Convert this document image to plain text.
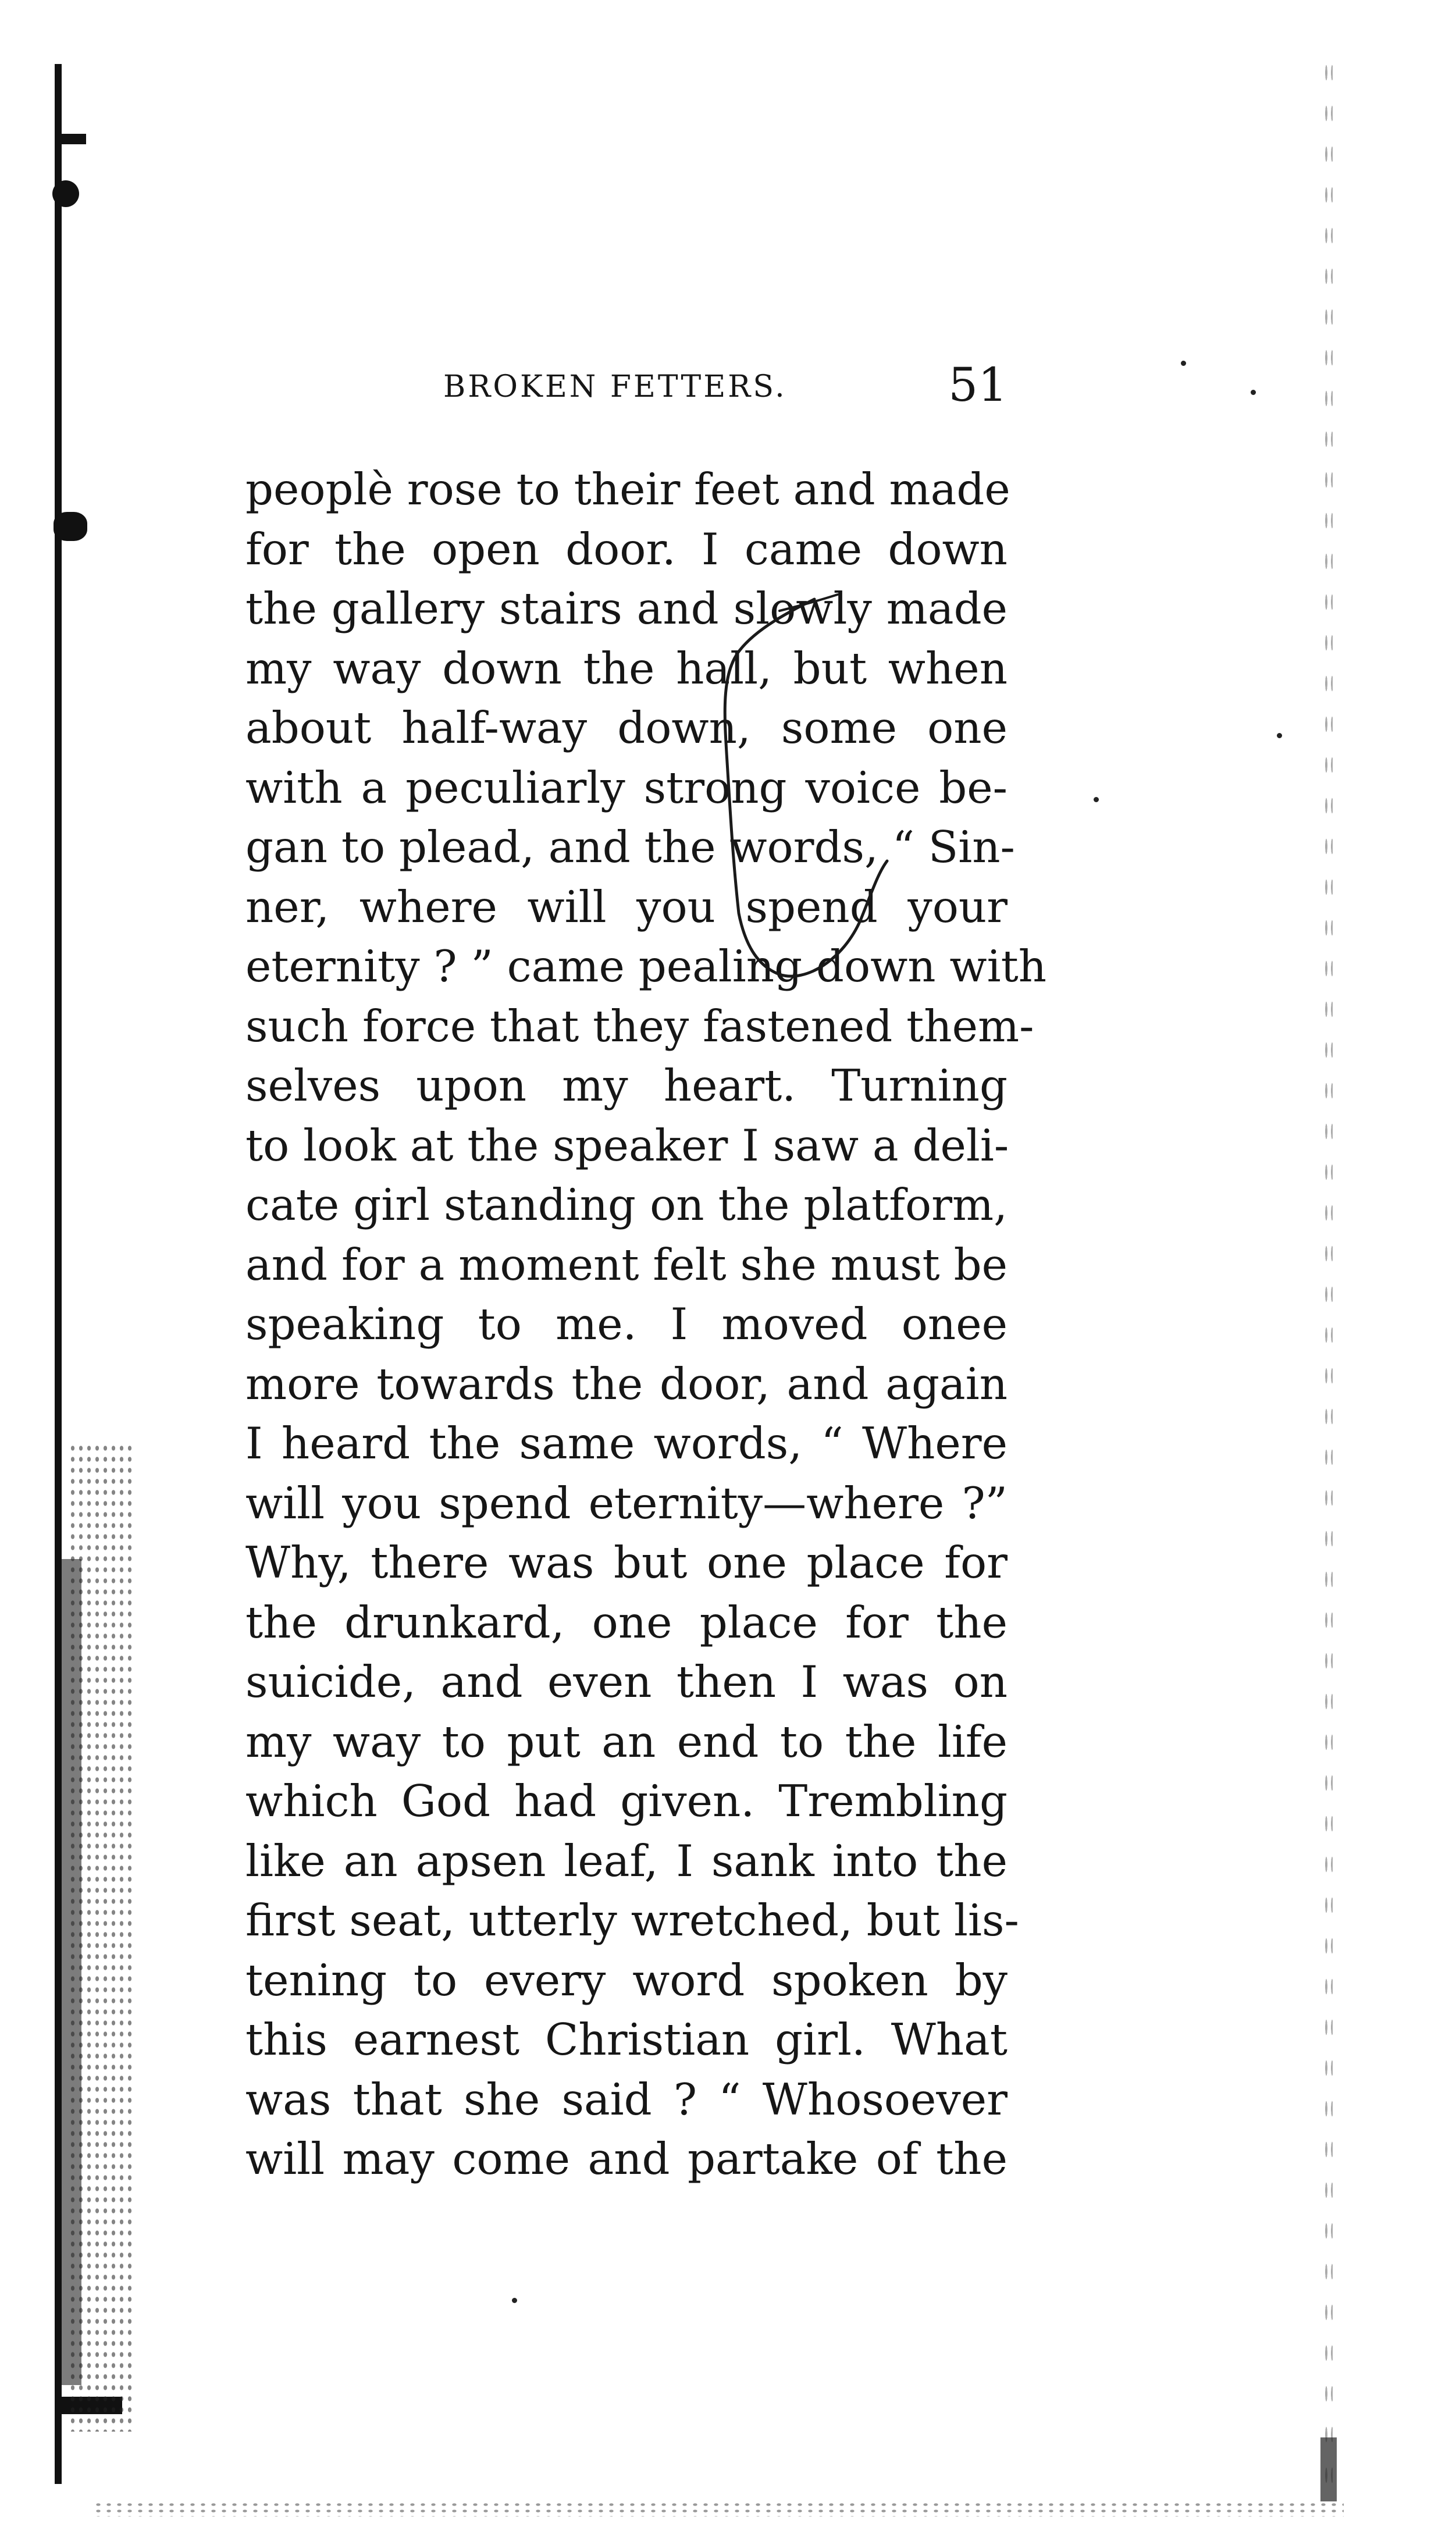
BROKEN FETTERS.	51
peoplè rose to their feet and made
for the open door. I came down
the gallery stairs and slowly made
my way down the hall, but when
about half-way down, some one
with a peculiarly strong voice be-
gan to plead, and the words, “ Sin-
ner, where will you spend your
eternity ? ” came pealing down with
such force that they fastened them-
selves upon my heart. Turning
to look at the speaker I saw a deli-
cate girl standing on the platform,
and for a moment felt she must be
speaking to me. I moved onee
more towards the door, and again
I heard the same words, “ Where
will you spend eternity—where ?”
Why, there was but one place for
the drunkard, one place for the
suicide, and even then I was on
my way to put an end to the life
which God had given. Trembling
like an apsen leaf, I sank into the
first seat, utterly wretched, but lis-
tening to every word spoken by
this earnest Christian girl. What
was that she said ? “ Whosoever
will may come and partake of the
